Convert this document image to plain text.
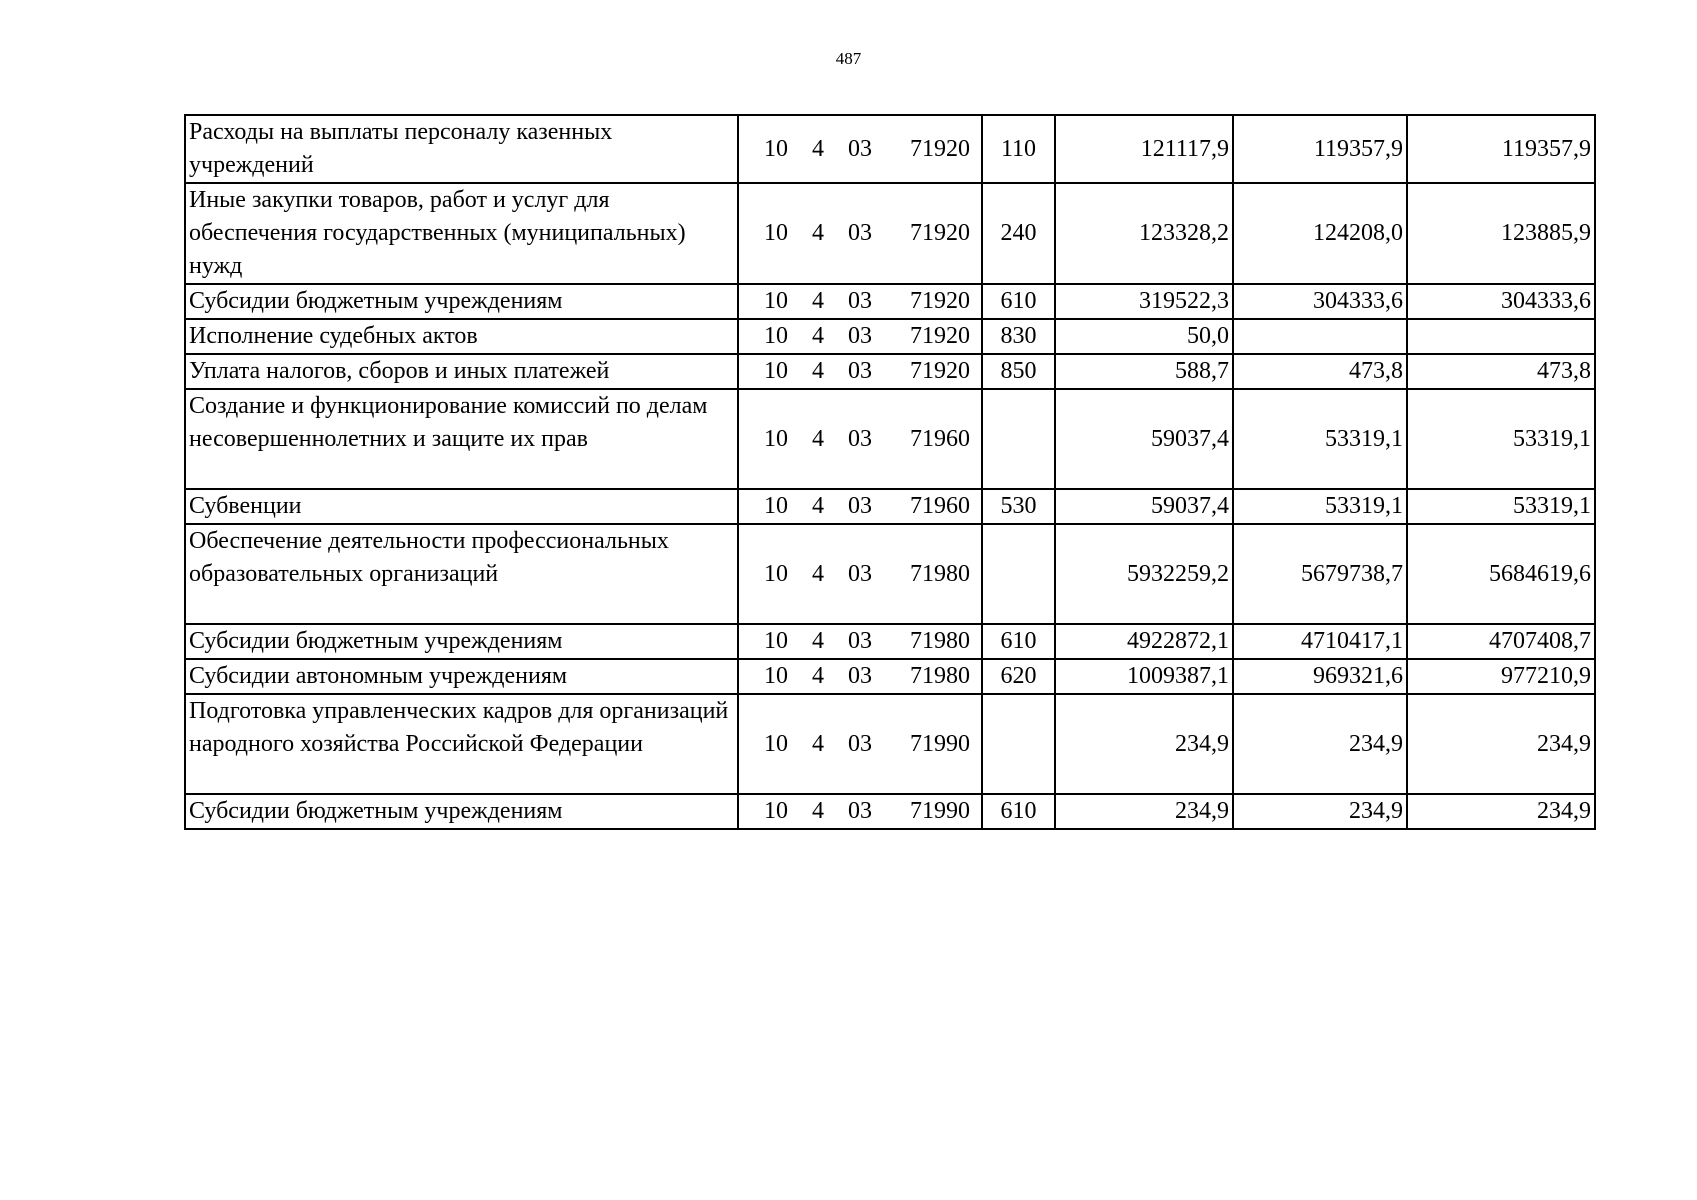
487
Расходы на выплаты персоналу казенных учреждений	10 4 03 71920	110	121117,9	119357,9	119357,9
Иные закупки товаров, работ и услуг для обеспечения государственных (муниципальных) нужд	10 4 03 71920	240	123328,2	124208,0	123885,9
Субсидии бюджетным учреждениям	10 4 03 71920	610	319522,3	304333,6	304333,6
Исполнение судебных актов	10 4 03 71920	830	50,0		
Уплата налогов, сборов и иных платежей	10 4 03 71920	850	588,7	473,8	473,8
Создание и функционирование комиссий по делам несовершеннолетних и защите их прав	10 4 03 71960		59037,4	53319,1	53319,1
Субвенции	10 4 03 71960	530	59037,4	53319,1	53319,1
Обеспечение деятельности профессиональных образовательных организаций	10 4 03 71980		5932259,2	5679738,7	5684619,6
Субсидии бюджетным учреждениям	10 4 03 71980	610	4922872,1	4710417,1	4707408,7
Субсидии автономным учреждениям	10 4 03 71980	620	1009387,1	969321,6	977210,9
Подготовка управленческих кадров для организаций народного хозяйства Российской Федерации	10 4 03 71990		234,9	234,9	234,9
Субсидии бюджетным учреждениям	10 4 03 71990	610	234,9	234,9	234,9
